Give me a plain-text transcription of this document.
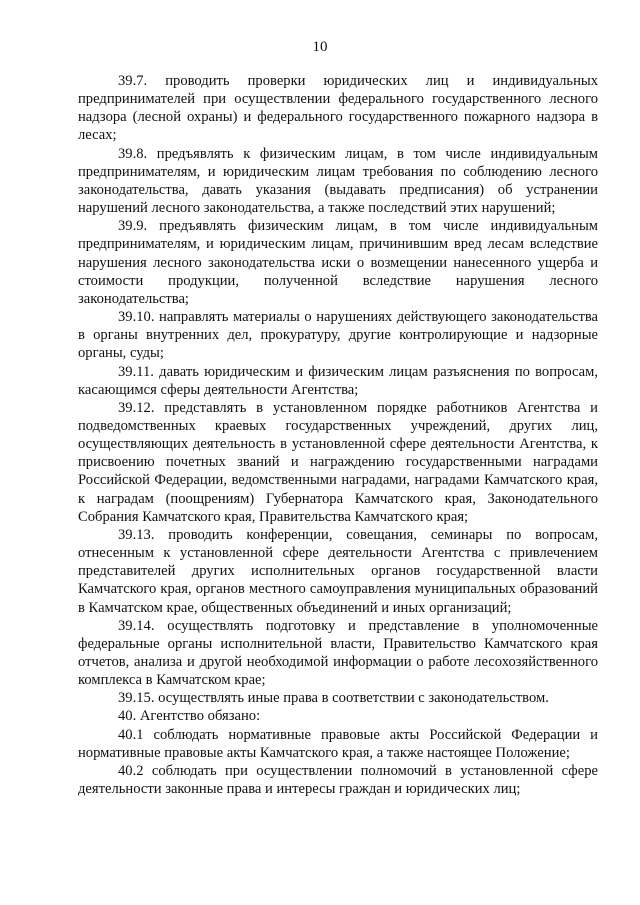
10

39.7. проводить проверки юридических лиц и индивидуальных предпринимателей при осуществлении федерального государственного лесного надзора (лесной охраны) и федерального государственного пожарного надзора в лесах;

39.8. предъявлять к физическим лицам, в том числе индивидуальным предпринимателям, и юридическим лицам требования по соблюдению лесного законодательства, давать указания (выдавать предписания) об устранении нарушений лесного законодательства, а также последствий этих нарушений;

39.9. предъявлять физическим лицам, в том числе индивидуальным предпринимателям, и юридическим лицам, причинившим вред лесам вследствие нарушения лесного законодательства иски о возмещении нанесенного ущерба и стоимости продукции, полученной вследствие нарушения лесного законодательства;

39.10. направлять материалы о нарушениях действующего законодательства в органы внутренних дел, прокуратуру, другие контролирующие и надзорные органы, суды;

39.11. давать юридическим и физическим лицам разъяснения по вопросам, касающимся сферы деятельности Агентства;

39.12. представлять в установленном порядке работников Агентства и подведомственных краевых государственных учреждений, других лиц, осуществляющих деятельность в установленной сфере деятельности Агентства, к присвоению почетных званий и награждению государственными наградами Российской Федерации, ведомственными наградами, наградами Камчатского края, к наградам (поощрениям) Губернатора Камчатского края, Законодательного Собрания Камчатского края, Правительства Камчатского края;

39.13. проводить конференции, совещания, семинары по вопросам, отнесенным к установленной сфере деятельности Агентства с привлечением представителей других исполнительных органов государственной власти Камчатского края, органов местного самоуправления муниципальных образований в Камчатском крае, общественных объединений и иных организаций;

39.14. осуществлять подготовку и представление в уполномоченные федеральные органы исполнительной власти, Правительство Камчатского края отчетов, анализа и другой необходимой информации о работе лесохозяйственного комплекса в Камчатском крае;

39.15. осуществлять иные права в соответствии с законодательством.

40. Агентство обязано:

40.1 соблюдать нормативные правовые акты Российской Федерации и нормативные правовые акты Камчатского края, а также настоящее Положение;

40.2 соблюдать при осуществлении полномочий в установленной сфере деятельности законные права и интересы граждан и юридических лиц;
